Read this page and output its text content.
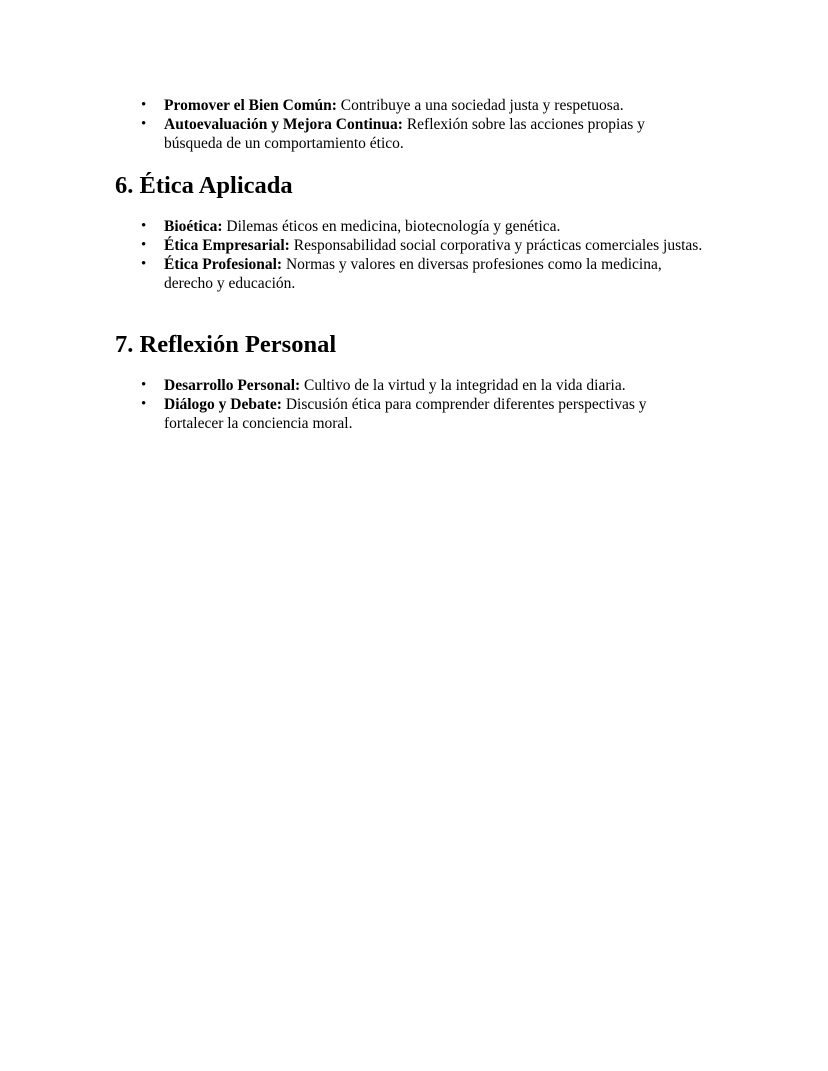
• Promover el Bien Común: Contribuye a una sociedad justa y respetuosa.
• Autoevaluación y Mejora Continua: Reflexión sobre las acciones propias y búsqueda de un comportamiento ético.
6. Ética Aplicada
• Bioética: Dilemas éticos en medicina, biotecnología y genética.
• Ética Empresarial: Responsabilidad social corporativa y prácticas comerciales justas.
• Ética Profesional: Normas y valores en diversas profesiones como la medicina, derecho y educación.
7. Reflexión Personal
• Desarrollo Personal: Cultivo de la virtud y la integridad en la vida diaria.
• Diálogo y Debate: Discusión ética para comprender diferentes perspectivas y fortalecer la conciencia moral.
